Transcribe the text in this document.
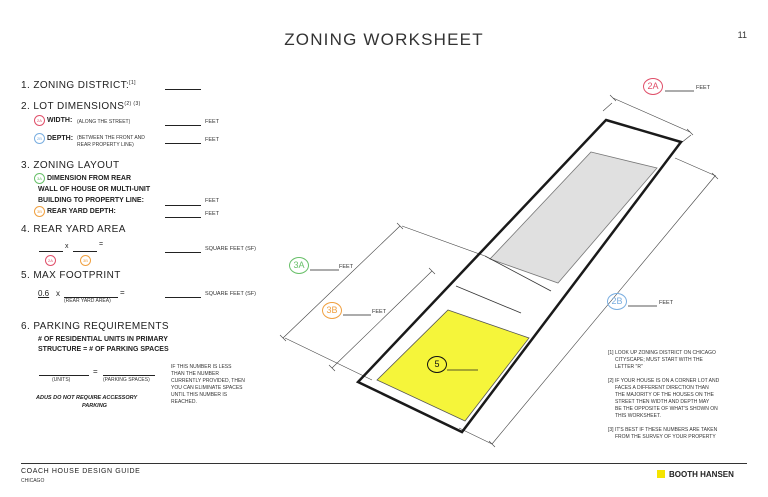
ZONING WORKSHEET	11
1. ZONING DISTRICT:[1]
2. LOT $DIMENSIONS^{(2) (3)}$
2A WIDTH: (ALONG THE STREET)	FEET
2B DEPTH: (BETWEEN THE FRONT AND
REAR PROPERTY LINE)
FEET
3. ZONING LAYOUT
3A DIMENSION FROM REAR
WALL OF HOUSE OR MULTI-UNIT
BUILDING TO PROPERTY LINE:	FEET
3B REAR YARD DEPTH:	FEET
4. REAR YARD AREA
x	=
2A	3B
SQUARE FEET (SF)
5. MAX FOOTPRINT
0.6 x	=
(REAR YARD AREA)
SQUARE FEET (SF)
6. PARKING REQUIREMENTS
# OF RESIDENTIAL UNITS IN PRIMARY
STRUCTURE = # OF PARKING SPACES
=
(UNITS)	(PARKING SPACES)
ADUS DO NOT REQUIRE ACCESSORY
PARKING
IF THIS NUMBER IS LESS
THAN THE NUMBER
CURRENTLY PROVIDED, THEN
YOU CAN ELIMINATE SPACES
UNTIL THIS NUMBER IS
REACHED.
2A	FEET
3A	FEET
3B	FEET
2B	FEET
5
[1] LOOK UP ZONING DISTRICT ON CHICAGO
CITYSCAPE; MUST START WITH THE
LETTER "R"
[2] IF YOUR HOUSE IS ON A CORNER LOT AND
FACES A DIFFERENT DIRECTION THAN
THE MAJORITY OF THE HOUSES ON THE
STREET THEN WIDTH AND DEPTH MAY
BE THE OPPOSITE OF WHAT'S SHOWN ON
THIS WORKSHEET.
[3] IT'S BEST IF THESE NUMBERS ARE TAKEN
FROM THE SURVEY OF YOUR PROPERTY
COACH HOUSE DESIGN GUIDE
CHICAGO
BOOTH HANSEN
